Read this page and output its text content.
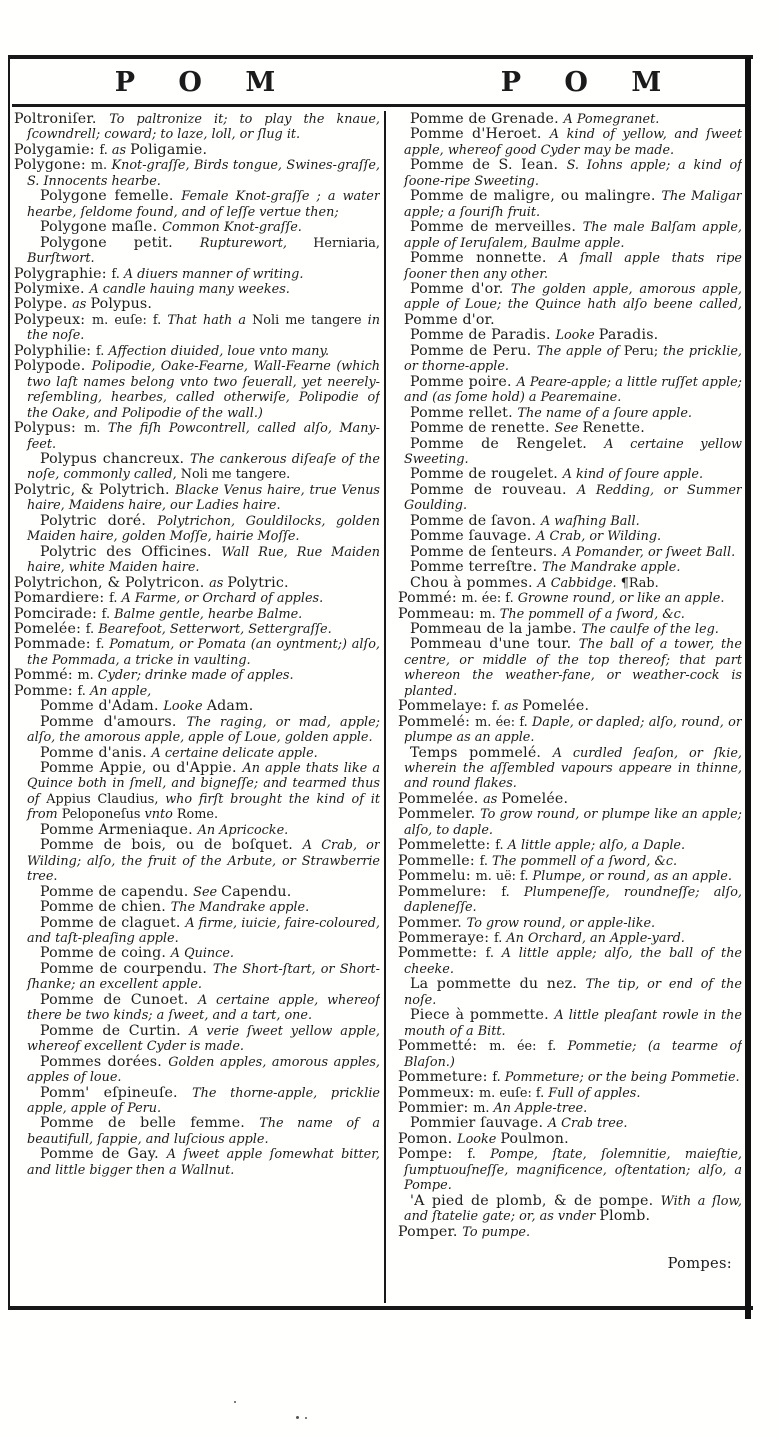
P O M	P O M

Poltroniſer. To paltronize it; to play the knaue, ſcowndrell; coward; to laze, loll, or ſlug it.

Polygamie: f. as Poligamie.

Polygone: m. Knot-graſſe, Birds tongue, Swines-graſſe, S. Innocents hearbe.

Polygone femelle. Female Knot-graſſe ; a water hearbe, ſeldome found, and of leſſe vertue then;

Polygone maſle. Common Knot-graſſe.

Polygone petit. Rupturewort, Herniaria, Burſtwort.

Polygraphie: f. A diuers manner of writing.

Polymixe. A candle hauing many weekes.

Polype. as Polypus.

Polypeux: m. euſe: f. That hath a Noli me tangere in the noſe.

Polyphilie: f. Affection diuided, loue vnto many.

Polypode. Polipodie, Oake-Fearne, Wall-Fearne (which two laſt names belong vnto two ſeuerall, yet neerely-reſembling, hearbes, called otherwiſe, Polipodie of the Oake, and Polipodie of the wall.)

Polypus: m. The fiſh Powcontrell, called alſo, Many-feet.

Polypus chancreux. The cankerous diſeaſe of the noſe, commonly called, Noli me tangere.

Polytric, & Polytrich. Blacke Venus haire, true Venus haire, Maidens haire, our Ladies haire.

Polytric doré. Polytrichon, Gouldilocks, golden Maiden haire, golden Moſſe, hairie Moſſe.

Polytric des Officines. Wall Rue, Rue Maiden haire, white Maiden haire.

Polytrichon, & Polytricon. as Polytric.

Pomardiere: f. A Farme, or Orchard of apples.

Pomcirade: f. Balme gentle, hearbe Balme.

Pomelée: f. Bearefoot, Setterwort, Settergraſſe.

Pommade: f. Pomatum, or Pomata (an oyntment;) alſo, the Pommada, a tricke in vaulting.

Pommé: m. Cyder; drinke made of apples.

Pomme: f. An apple,

Pomme d'Adam. Looke Adam.

Pomme d'amours. The raging, or mad, apple; alſo, the amorous apple, apple of Loue, golden apple.

Pomme d'anis. A certaine delicate apple.

Pomme Appie, ou d'Appie. An apple thats like a Quince both in ſmell, and bigneſſe; and tearmed thus of Appius Claudius, who firſt brought the kind of it from Peloponeſus vnto Rome.

Pomme Armeniaque. An Apricocke.

Pomme de bois, ou de boſquet. A Crab, or Wilding; alſo, the fruit of the Arbute, or Strawberrie tree.

Pomme de capendu. See Capendu.

Pomme de chien. The Mandrake apple.

Pomme de claguet. A firme, iuicie, faire-coloured, and taſt-pleaſing apple.

Pomme de coing. A Quince.

Pomme de courpendu. The Short-ſtart, or Short-ſhanke; an excellent apple.

Pomme de Cunoet. A certaine apple, whereof there be two kinds; a ſweet, and a tart, one.

Pomme de Curtin. A verie ſweet yellow apple, whereof excellent Cyder is made.

Pommes dorées. Golden apples, amorous apples, apples of loue.

Pomm' eſpineuſe. The thorne-apple, pricklie apple, apple of Peru.

Pomme de belle femme. The name of a beautifull, ſappie, and luſcious apple.

Pomme de Gay. A ſweet apple ſomewhat bitter, and little bigger then a Wallnut.

Pomme de Grenade. A Pomegranet.

Pomme d'Heroet. A kind of yellow, and ſweet apple, whereof good Cyder may be made.

Pomme de S. Iean. S. Iohns apple; a kind of ſoone-ripe Sweeting.

Pomme de maligre, ou malingre. The Maligar apple; a ſouriſh fruit.

Pomme de merveilles. The male Balſam apple, apple of Ieruſalem, Baulme apple.

Pomme nonnette. A ſmall apple thats ripe ſooner then any other.

Pomme d'or. The golden apple, amorous apple, apple of Loue; the Quince hath alſo beene called, Pomme d'or.

Pomme de Paradis. Looke Paradis.

Pomme de Peru. The apple of Peru; the pricklie, or thorne-apple.

Pomme poire. A Peare-apple; a little ruſſet apple; and (as ſome hold) a Pearemaine.

Pomme rellet. The name of a ſoure apple.

Pomme de renette. See Renette.

Pomme de Rengelet. A certaine yellow Sweeting.

Pomme de rougelet. A kind of ſoure apple.

Pomme de rouveau. A Redding, or Summer Goulding.

Pomme de ſavon. A waſhing Ball.

Pomme ſauvage. A Crab, or Wilding.

Pomme de ſenteurs. A Pomander, or ſweet Ball.

Pomme terreſtre. The Mandrake apple.

Chou à pommes. A Cabbidge. ¶Rab.

Pommé: m. ée: f. Growne round, or like an apple.

Pommeau: m. The pommell of a ſword, &c.

Pommeau de la jambe. The caulfe of the leg.

Pommeau d'une tour. The ball of a tower, the centre, or middle of the top thereof; that part whereon the weather-fane, or weather-cock is planted.

Pommelaye: f. as Pomelée.

Pommelé: m. ée: f. Daple, or dapled; alſo, round, or plumpe as an apple.

Temps pommelé. A curdled ſeaſon, or ſkie, wherein the aſſembled vapours appeare in thinne, and round flakes.

Pommelée. as Pomelée.

Pommeler. To grow round, or plumpe like an apple; alſo, to daple.

Pommelette: f. A little apple; alſo, a Daple.

Pommelle: f. The pommell of a ſword, &c.

Pommelu: m. uë: f. Plumpe, or round, as an apple.

Pommelure: f. Plumpeneſſe, roundneſſe; alſo, dapleneſſe.

Pommer. To grow round, or apple-like.

Pommeraye: f. An Orchard, an Apple-yard.

Pommette: f. A little apple; alſo, the ball of the cheeke.

La pommette du nez. The tip, or end of the noſe.

Piece à pommette. A little pleaſant rowle in the mouth of a Bitt.

Pommetté: m. ée: f. Pommetie; (a tearme of Blaſon.)

Pommeture: f. Pommeture; or the being Pommetie.

Pommeux: m. euſe: f. Full of apples.

Pommier: m. An Apple-tree.

Pommier ſauvage. A Crab tree.

Pomon. Looke Poulmon.

Pompe: f. Pompe, ſtate, ſolemnitie, maieſtie, ſumptuouſneſſe, magnificence, oſtentation; alſo, a Pompe.

'A pied de plomb, & de pompe. With a ſlow, and ſtatelie gate; or, as vnder Plomb.

Pomper. To pumpe.

Pompes:
